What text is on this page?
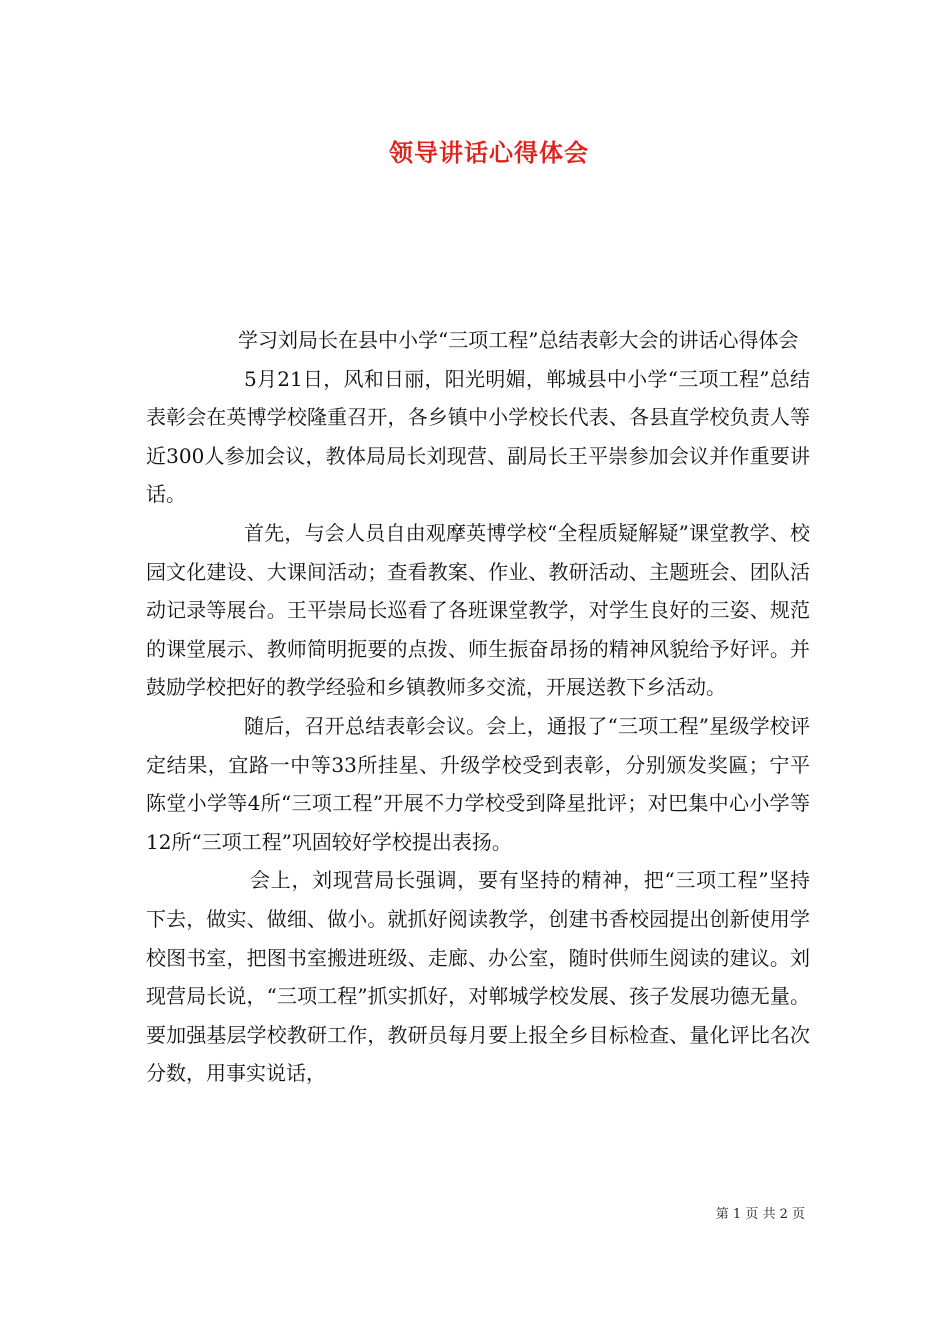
领导讲话心得体会

学习刘局长在县中小学“三项工程”总结表彰大会的讲话心得体会

5月21日，风和日丽，阳光明媚，郸城县中小学“三项工程”总结表彰会在英博学校隆重召开，各乡镇中小学校长代表、各县直学校负责人等近300人参加会议，教体局局长刘现营、副局长王平崇参加会议并作重要讲话。

首先，与会人员自由观摩英博学校“全程质疑解疑”课堂教学、校园文化建设、大课间活动；查看教案、作业、教研活动、主题班会、团队活动记录等展台。王平崇局长巡看了各班课堂教学，对学生良好的三姿、规范的课堂展示、教师简明扼要的点拨、师生振奋昂扬的精神风貌给予好评。并鼓励学校把好的教学经验和乡镇教师多交流，开展送教下乡活动。

随后，召开总结表彰会议。会上，通报了“三项工程”星级学校评定结果，宜路一中等33所挂星、升级学校受到表彰，分别颁发奖匾；宁平陈堂小学等4所“三项工程”开展不力学校受到降星批评；对巴集中心小学等12所“三项工程”巩固较好学校提出表扬。

会上，刘现营局长强调，要有坚持的精神，把“三项工程”坚持下去，做实、做细、做小。就抓好阅读教学，创建书香校园提出创新使用学校图书室，把图书室搬进班级、走廊、办公室，随时供师生阅读的建议。刘现营局长说，“三项工程”抓实抓好，对郸城学校发展、孩子发展功德无量。要加强基层学校教研工作，教研员每月要上报全乡目标检查、量化评比名次分数，用事实说话，

第 1 页 共 2 页
